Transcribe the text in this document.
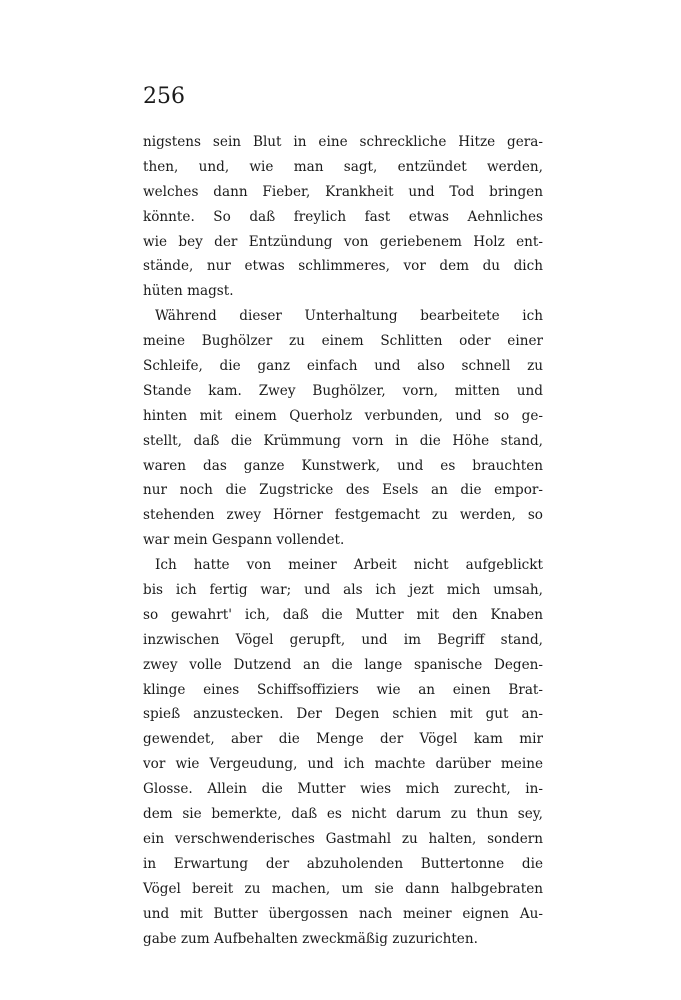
256
nigstens sein Blut in eine schreckliche Hitze gera-
then, und, wie man sagt, entzündet werden,
welches dann Fieber, Krankheit und Tod bringen
könnte. So daß freylich fast etwas Aehnliches
wie bey der Entzündung von geriebenem Holz ent-
stände, nur etwas schlimmeres, vor dem du dich
hüten magst.
Während dieser Unterhaltung bearbeitete ich
meine Bughölzer zu einem Schlitten oder einer
Schleife, die ganz einfach und also schnell zu
Stande kam. Zwey Bughölzer, vorn, mitten und
hinten mit einem Querholz verbunden, und so ge-
stellt, daß die Krümmung vorn in die Höhe stand,
waren das ganze Kunstwerk, und es brauchten
nur noch die Zugstricke des Esels an die empor-
stehenden zwey Hörner festgemacht zu werden, so
war mein Gespann vollendet.
Ich hatte von meiner Arbeit nicht aufgeblickt
bis ich fertig war; und als ich jezt mich umsah,
so gewahrt' ich, daß die Mutter mit den Knaben
inzwischen Vögel gerupft, und im Begriff stand,
zwey volle Dutzend an die lange spanische Degen-
klinge eines Schiffsoffiziers wie an einen Brat-
spieß anzustecken. Der Degen schien mit gut an-
gewendet, aber die Menge der Vögel kam mir
vor wie Vergeudung, und ich machte darüber meine
Glosse. Allein die Mutter wies mich zurecht, in-
dem sie bemerkte, daß es nicht darum zu thun sey,
ein verschwenderisches Gastmahl zu halten, sondern
in Erwartung der abzuholenden Buttertonne die
Vögel bereit zu machen, um sie dann halbgebraten
und mit Butter übergossen nach meiner eignen Au-
gabe zum Aufbehalten zweckmäßig zuzurichten.
